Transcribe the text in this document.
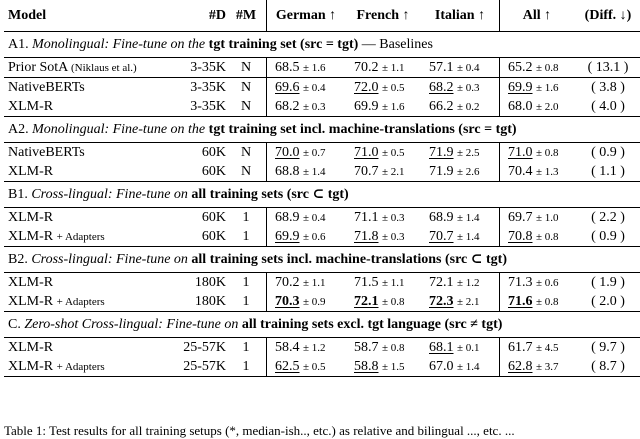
Model	#D	#M	German ↑	French ↑	Italian ↑	All ↑	(Diff. ↓)
A1. Monolingual: Fine-tune on the tgt training set (src = tgt) — Baselines							
Prior SotA (Niklaus et al.)	3-35K	N	68.5 ± 1.6	70.2 ± 1.1	57.1 ± 0.4	65.2 ± 0.8	( 13.1 )
NativeBERTs	3-35K	N	69.6 ± 0.4	72.0 ± 0.5	68.2 ± 0.3	69.9 ± 1.6	( 3.8 )
XLM-R	3-35K	N	68.2 ± 0.3	69.9 ± 1.6	66.2 ± 0.2	68.0 ± 2.0	( 4.0 )
A2. Monolingual: Fine-tune on the tgt training set incl. machine-translations (src = tgt)							
NativeBERTs	60K	N	70.0 ± 0.7	71.0 ± 0.5	71.9 ± 2.5	71.0 ± 0.8	( 0.9 )
XLM-R	60K	N	68.8 ± 1.4	70.7 ± 2.1	71.9 ± 2.6	70.4 ± 1.3	( 1.1 )
B1. Cross-lingual: Fine-tune on all training sets (src ⊂ tgt)							
XLM-R	60K	1	68.9 ± 0.4	71.1 ± 0.3	68.9 ± 1.4	69.7 ± 1.0	( 2.2 )
XLM-R + Adapters	60K	1	69.9 ± 0.6	71.8 ± 0.3	70.7 ± 1.4	70.8 ± 0.8	( 0.9 )
B2. Cross-lingual: Fine-tune on all training sets incl. machine-translations (src ⊂ tgt)							
XLM-R	180K	1	70.2 ± 1.1	71.5 ± 1.1	72.1 ± 1.2	71.3 ± 0.6	( 1.9 )
XLM-R + Adapters	180K	1	70.3 ± 0.9	72.1 ± 0.8	72.3 ± 2.1	71.6 ± 0.8	( 2.0 )
C. Zero-shot Cross-lingual: Fine-tune on all training sets excl. tgt language (src ≠ tgt)							
XLM-R	25-57K	1	58.4 ± 1.2	58.7 ± 0.8	68.1 ± 0.1	61.7 ± 4.5	( 9.7 )
XLM-R + Adapters	25-57K	1	62.5 ± 0.5	58.8 ± 1.5	67.0 ± 1.4	62.8 ± 3.7	( 8.7 )
Table 1: Test results for all training setups (*, median-ish.., etc.) as relative and bilingual ..., etc. ...
